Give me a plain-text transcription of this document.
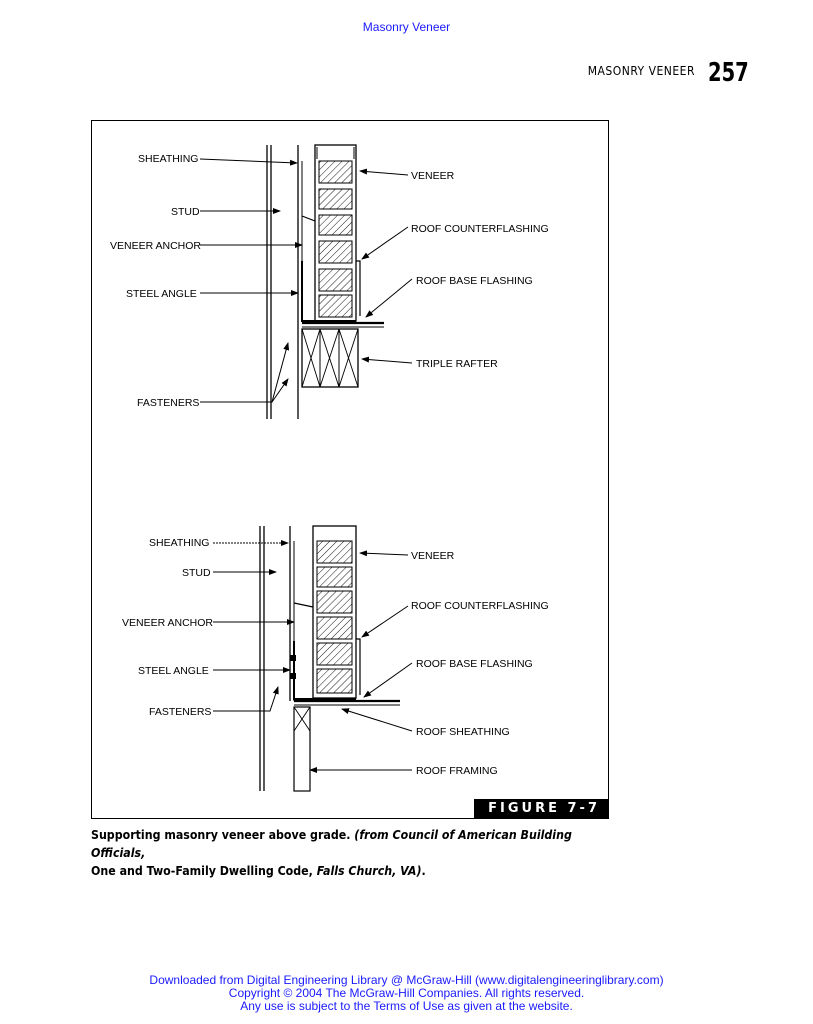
Masonry Veneer
MASONRY VENEER 257
SHEATHING
STUD
VENEER ANCHOR
STEEL ANGLE
FASTENERS
VENEER
ROOF COUNTERFLASHING
ROOF BASE FLASHING
TRIPLE RAFTER
SHEATHING
STUD
VENEER ANCHOR
STEEL ANGLE
FASTENERS
VENEER
ROOF COUNTERFLASHING
ROOF BASE FLASHING
ROOF SHEATHING
ROOF FRAMING
FIGURE 7-7
Supporting masonry veneer above grade. (from Council of American Building Officials,
One and Two-Family Dwelling Code, Falls Church, VA).
Downloaded from Digital Engineering Library @ McGraw-Hill (www.digitalengineeringlibrary.com)
Copyright © 2004 The McGraw-Hill Companies. All rights reserved.
Any use is subject to the Terms of Use as given at the website.
